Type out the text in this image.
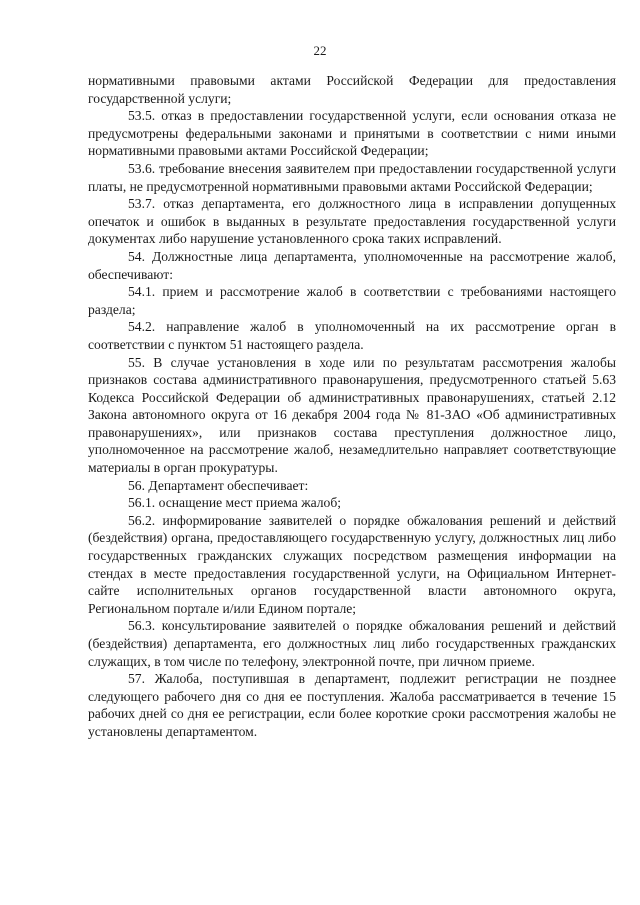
22

нормативными правовыми актами Российской Федерации для предоставления государственной услуги;

53.5. отказ в предоставлении государственной услуги, если основания отказа не предусмотрены федеральными законами и принятыми в соответствии с ними иными нормативными правовыми актами Российской Федерации;

53.6. требование внесения заявителем при предоставлении государственной услуги платы, не предусмотренной нормативными правовыми актами Российской Федерации;

53.7. отказ департамента, его должностного лица в исправлении допущенных опечаток и ошибок в выданных в результате предоставления государственной услуги документах либо нарушение установленного срока таких исправлений.

54. Должностные лица департамента, уполномоченные на рассмотрение жалоб, обеспечивают:

54.1. прием и рассмотрение жалоб в соответствии с требованиями настоящего раздела;

54.2. направление жалоб в уполномоченный на их рассмотрение орган в соответствии с пунктом 51 настоящего раздела.

55. В случае установления в ходе или по результатам рассмотрения жалобы признаков состава административного правонарушения, предусмотренного статьей 5.63 Кодекса Российской Федерации об административных правонарушениях, статьей 2.12 Закона автономного округа от 16 декабря 2004 года № 81-ЗАО «Об административных правонарушениях», или признаков состава преступления должностное лицо, уполномоченное на рассмотрение жалоб, незамедлительно направляет соответствующие материалы в орган прокуратуры.

56. Департамент обеспечивает:

56.1. оснащение мест приема жалоб;

56.2. информирование заявителей о порядке обжалования решений и действий (бездействия) органа, предоставляющего государственную услугу, должностных лиц либо государственных гражданских служащих посредством размещения информации на стендах в месте предоставления государственной услуги, на Официальном Интернет-сайте исполнительных органов государственной власти автономного округа, Региональном портале и/или Едином портале;

56.3. консультирование заявителей о порядке обжалования решений и действий (бездействия) департамента, его должностных лиц либо государственных гражданских служащих, в том числе по телефону, электронной почте, при личном приеме.

57. Жалоба, поступившая в департамент, подлежит регистрации не позднее следующего рабочего дня со дня ее поступления. Жалоба рассматривается в течение 15 рабочих дней со дня ее регистрации, если более короткие сроки рассмотрения жалобы не установлены департаментом.
